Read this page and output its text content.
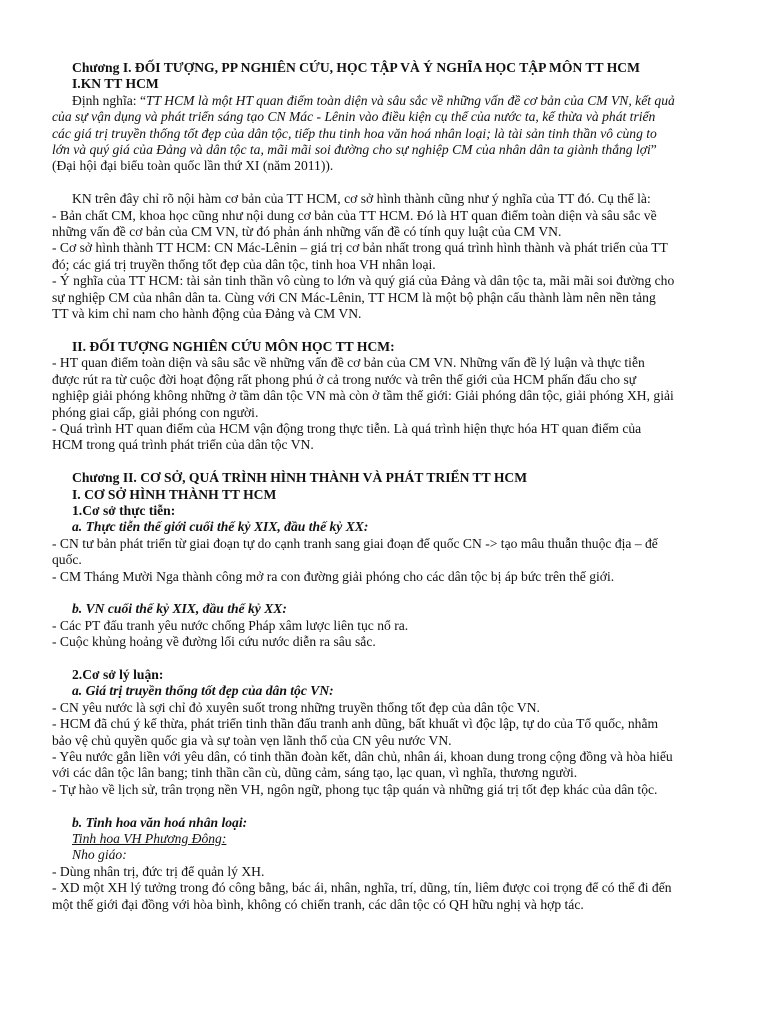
Chương I. ĐỐI TƯỢNG, PP NGHIÊN CỨU, HỌC TẬP VÀ Ý NGHĨA HỌC TẬP MÔN TT HCM
I.KN TT HCM
Định nghĩa: “TT HCM là một HT quan điểm toàn diện và sâu sắc về những vấn đề cơ bản của CM VN, kết quả
của sự vận dụng và phát triển sáng tạo CN Mác - Lênin vào điều kiện cụ thể của nước ta, kế thừa và phát triển
các giá trị truyền thống tốt đẹp của dân tộc, tiếp thu tinh hoa văn hoá nhân loại; là tài sản tinh thần vô cùng to
lớn và quý giá của Đảng và dân tộc ta, mãi mãi soi đường cho sự nghiệp CM của nhân dân ta giành thắng lợi”
(Đại hội đại biểu toàn quốc lần thứ XI (năm 2011)).
KN trên đây chỉ rõ nội hàm cơ bản của TT HCM, cơ sở hình thành cũng như ý nghĩa của TT đó. Cụ thể là:
- Bản chất CM, khoa học cũng như nội dung cơ bản của TT HCM. Đó là HT quan điểm toàn diện và sâu sắc về
những vấn đề cơ bản của CM VN, từ đó phản ánh những vấn đề có tính quy luật của CM VN.
- Cơ sở hình thành TT HCM: CN Mác-Lênin – giá trị cơ bản nhất trong quá trình hình thành và phát triển của TT
đó; các giá trị truyền thống tốt đẹp của dân tộc, tinh hoa VH nhân loại.
- Ý nghĩa của TT HCM: tài sản tinh thần vô cùng to lớn và quý giá của Đảng và dân tộc ta, mãi mãi soi đường cho
sự nghiệp CM của nhân dân ta. Cùng với CN Mác-Lênin, TT HCM là một bộ phận cấu thành làm nên nền tảng
TT và kim chỉ nam cho hành động của Đảng và CM VN.
II. ĐỐI TƯỢNG NGHIÊN CỨU MÔN HỌC TT HCM:
- HT quan điểm toàn diện và sâu sắc về những vấn đề cơ bản của CM VN. Những vấn đề lý luận và thực tiễn
được rút ra từ cuộc đời hoạt động rất phong phú ở cả trong nước và trên thế giới của HCM phấn đấu cho sự
nghiệp giải phóng không những ở tầm dân tộc VN mà còn ở tầm thế giới: Giải phóng dân tộc, giải phóng XH, giải
phóng giai cấp, giải phóng con người.
- Quá trình HT quan điểm của HCM vận động trong thực tiễn. Là quá trình hiện thực hóa HT quan điểm của
HCM trong quá trình phát triển của dân tộc VN.
Chương II. CƠ SỞ, QUÁ TRÌNH HÌNH THÀNH VÀ PHÁT TRIỂN TT HCM
I. CƠ SỞ HÌNH THÀNH TT HCM
1.Cơ sở thực tiễn:
a. Thực tiễn thế giới cuối thế kỷ XIX, đầu thế kỷ XX:
- CN tư bản phát triển từ giai đoạn tự do cạnh tranh sang giai đoạn đế quốc CN -> tạo mâu thuẫn thuộc địa – đế
quốc.
- CM Tháng Mười Nga thành công mở ra con đường giải phóng cho các dân tộc bị áp bức trên thế giới.
b. VN cuối thế kỷ XIX, đầu thế kỷ XX:
- Các PT đấu tranh yêu nước chống Pháp xâm lược liên tục nổ ra.
- Cuộc khủng hoảng về đường lối cứu nước diễn ra sâu sắc.
2.Cơ sở lý luận:
a. Giá trị truyền thống tốt đẹp của dân tộc VN:
- CN yêu nước là sợi chỉ đỏ xuyên suốt trong những truyền thống tốt đẹp của dân tộc VN.
- HCM đã chú ý kế thừa, phát triển tinh thần đấu tranh anh dũng, bất khuất vì độc lập, tự do của Tổ quốc, nhằm
bảo vệ chủ quyền quốc gia và sự toàn vẹn lãnh thổ của CN yêu nước VN.
- Yêu nước gắn liền với yêu dân, có tinh thần đoàn kết, dân chủ, nhân ái, khoan dung trong cộng đồng và hòa hiếu
với các dân tộc lân bang; tinh thần cần cù, dũng cảm, sáng tạo, lạc quan, vì nghĩa, thương người.
- Tự hào về lịch sử, trân trọng nền VH, ngôn ngữ, phong tục tập quán và những giá trị tốt đẹp khác của dân tộc.
b. Tinh hoa văn hoá nhân loại:
Tinh hoa VH Phương Đông:
Nho giáo:
- Dùng nhân trị, đức trị để quản lý XH.
- XD một XH lý tưởng trong đó công bằng, bác ái, nhân, nghĩa, trí, dũng, tín, liêm được coi trọng để có thể đi đến
một thế giới đại đồng với hòa bình, không có chiến tranh, các dân tộc có QH hữu nghị và hợp tác.
